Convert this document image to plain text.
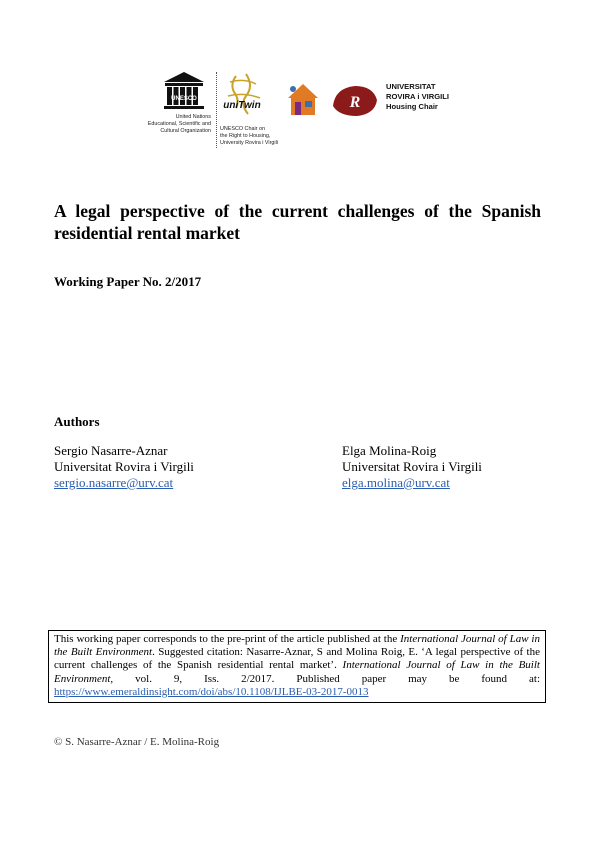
UNESCO
United Nations
Educational, Scientific and
Cultural Organization
uniTwin
UNESCO Chair on
the Right to Housing,
University Rovira i Virgili
R
UNIVERSITAT
ROVIRA i VIRGILI
Housing Chair
A legal perspective of the current challenges of the Spanish residential rental market

Working Paper No. 2/2017

Authors

Sergio Nasarre-Aznar
Universitat Rovira i Virgili
sergio.nasarre@urv.cat
Elga Molina-Roig
Universitat Rovira i Virgili
elga.molina@urv.cat
This working paper corresponds to the pre-print of the article published at the International Journal of Law in the Built Environment. Suggested citation: Nasarre-Aznar, S and Molina Roig, E. ‘A legal perspective of the current challenges of the Spanish residential rental market’. International Journal of Law in the Built Environment, vol. 9, Iss. 2/2017. Published paper may be found at: https://www.emeraldinsight.com/doi/abs/10.1108/IJLBE-03-2017-0013
© S. Nasarre-Aznar / E. Molina-Roig
